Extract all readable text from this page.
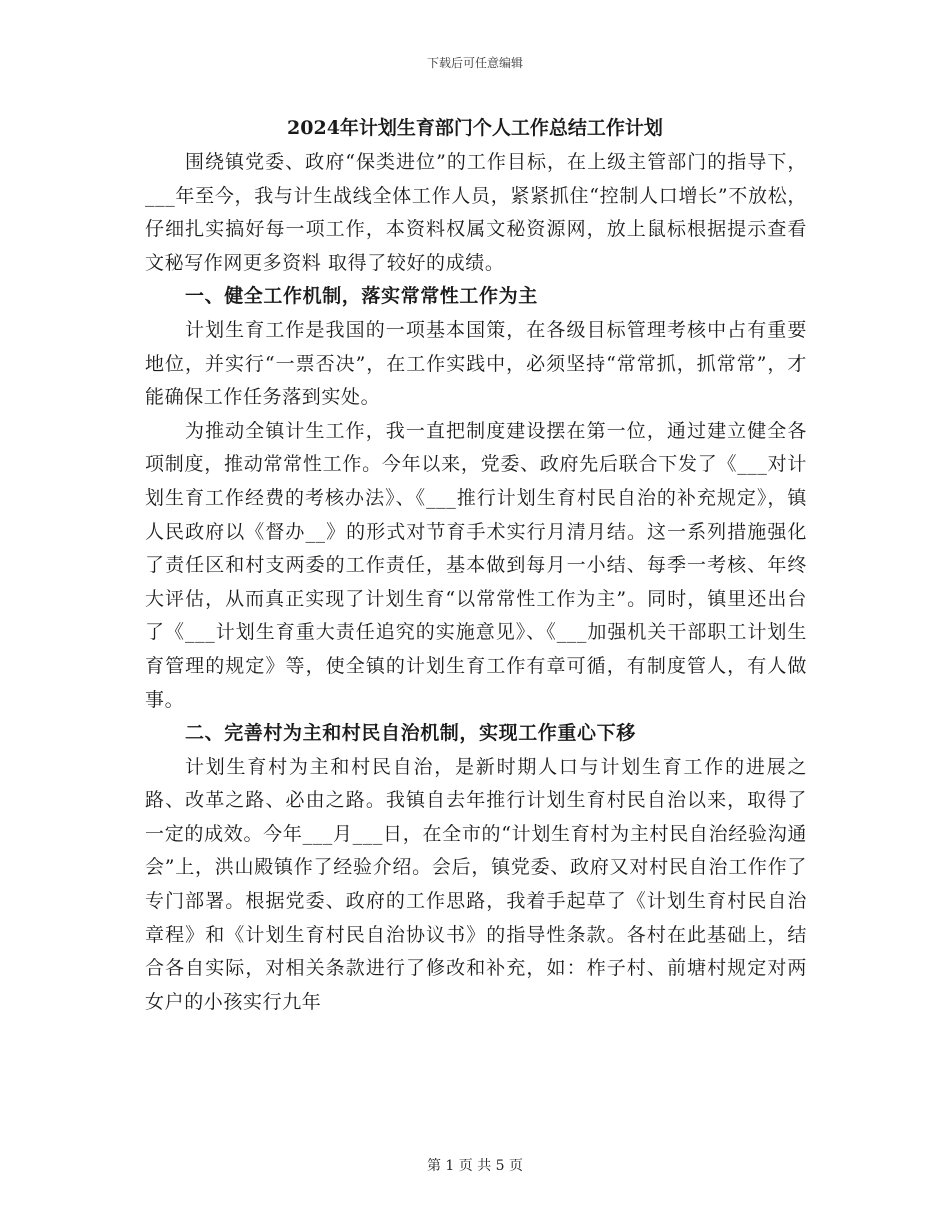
下载后可任意编辑
2024年计划生育部门个人工作总结工作计划

围绕镇党委、政府“保类进位”的工作目标，在上级主管部门的指导下，___年至今，我与计生战线全体工作人员，紧紧抓住“控制人口增长”不放松，仔细扎实搞好每一项工作，本资料权属文秘资源网，放上鼠标根据提示查看文秘写作网更多资料 取得了较好的成绩。

一、健全工作机制，落实常常性工作为主

计划生育工作是我国的一项基本国策，在各级目标管理考核中占有重要地位，并实行“一票否决”，在工作实践中，必须坚持“常常抓，抓常常”，才能确保工作任务落到实处。

为推动全镇计生工作，我一直把制度建设摆在第一位，通过建立健全各项制度，推动常常性工作。今年以来，党委、政府先后联合下发了《___对计划生育工作经费的考核办法》、《___推行计划生育村民自治的补充规定》，镇人民政府以《督办__》的形式对节育手术实行月清月结。这一系列措施强化了责任区和村支两委的工作责任，基本做到每月一小结、每季一考核、年终大评估，从而真正实现了计划生育“以常常性工作为主”。同时，镇里还出台了《___计划生育重大责任追究的实施意见》、《___加强机关干部职工计划生育管理的规定》等，使全镇的计划生育工作有章可循，有制度管人，有人做事。

二、完善村为主和村民自治机制，实现工作重心下移

计划生育村为主和村民自治，是新时期人口与计划生育工作的进展之路、改革之路、必由之路。我镇自去年推行计划生育村民自治以来，取得了一定的成效。今年___月___日，在全市的“计划生育村为主村民自治经验沟通会”上，洪山殿镇作了经验介绍。会后，镇党委、政府又对村民自治工作作了专门部署。根据党委、政府的工作思路，我着手起草了《计划生育村民自治章程》和《计划生育村民自治协议书》的指导性条款。各村在此基础上，结合各自实际，对相关条款进行了修改和补充，如：柞子村、前塘村规定对两女户的小孩实行九年

第 1 页 共 5 页
